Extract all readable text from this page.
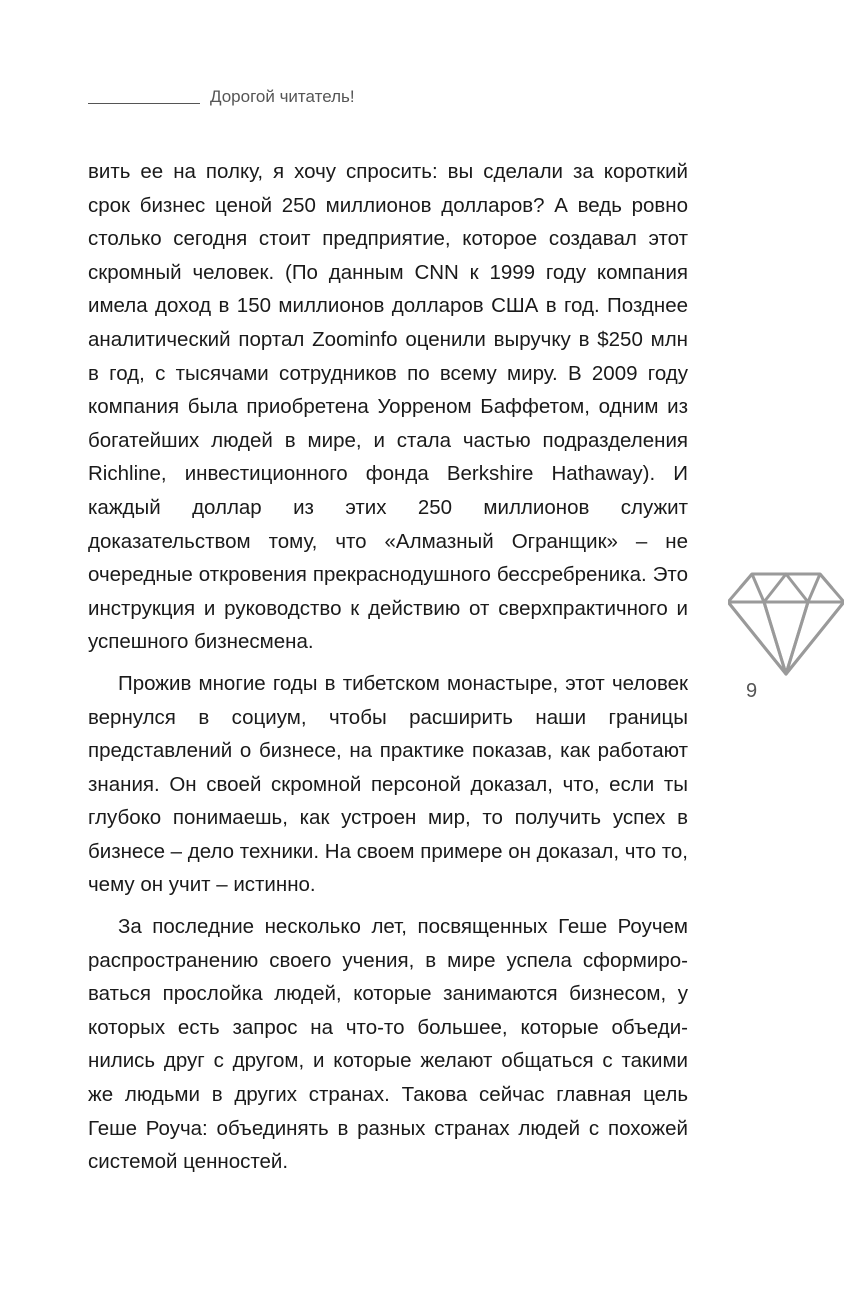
Дорогой читатель!

вить ее на полку, я хочу спросить: вы сделали за короткий срок бизнес ценой 250 миллионов долларов? А ведь ровно столько сегодня стоит предприятие, которое создавал этот скромный человек. (По данным CNN к 1999 году компания имела доход в 150 миллионов долларов США в год. Позднее аналитический портал Zoominfo оценили выручку в $250 млн в год, с тысячами сотрудников по всему миру. В 2009 году компания была приобретена Уорреном Баффетом, одним из богатейших людей в мире, и стала частью подразделения Richline, инвестиционного фонда Berkshire Hathaway). И каждый доллар из этих 250 миллионов служит доказательством тому, что «Алмазный Огранщик» – не очередные откровения прекраснодушного бессребреника. Это инструкция и руководство к действию от сверхпрактичного и успешного бизнесмена.

Прожив многие годы в тибетском монастыре, этот человек вернулся в социум, чтобы расширить наши границы представлений о бизнесе, на практике показав, как работают знания. Он своей скромной персоной доказал, что, если ты глубоко понимаешь, как устроен мир, то получить успех в бизнесе – дело техники. На своем примере он доказал, что то, чему он учит – истинно.

За последние несколько лет, посвященных Геше Роучем распространению своего учения, в мире успела сформироваться прослойка людей, которые занимаются бизнесом, у которых есть запрос на что-то большее, которые объединились друг с другом, и которые желают общаться с такими же людьми в других странах. Такова сейчас главная цель Геше Роуча: объединять в разных странах людей с похожей системой ценностей.

9
